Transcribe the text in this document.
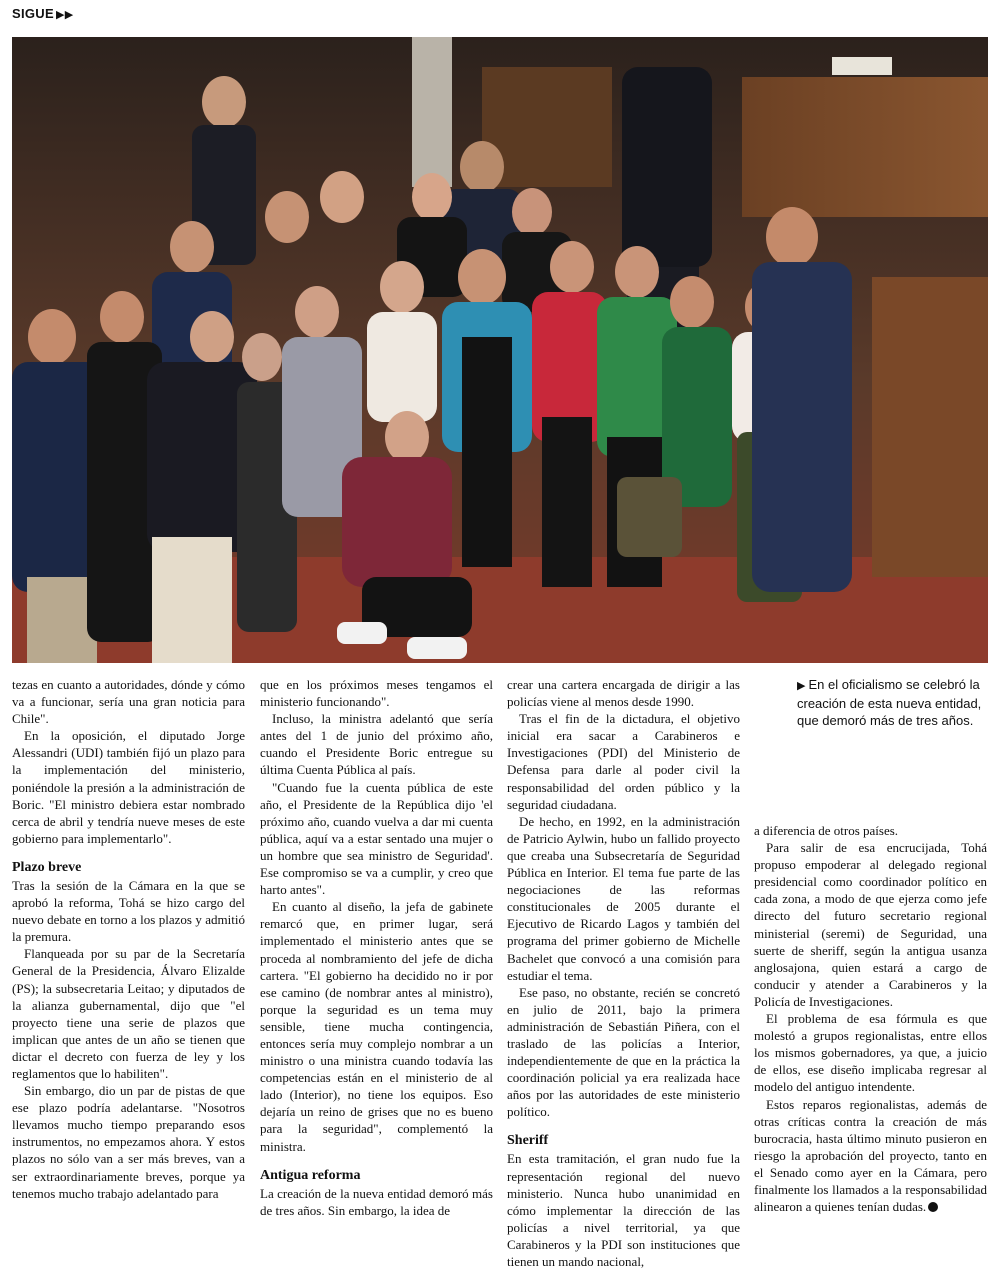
SIGUE ▶▶
▶ En el oficialismo se celebró la creación de esta nueva entidad, que demoró más de tres años.

tezas en cuanto a autoridades, dónde y cómo va a funcionar, sería una gran noticia para Chile".

En la oposición, el diputado Jorge Alessandri (UDI) también fijó un plazo para la implementación del ministerio, poniéndole la presión a la administración de Boric. "El ministro debiera estar nombrado cerca de abril y tendría nueve meses de este gobierno para implementarlo".

Plazo breve

Tras la sesión de la Cámara en la que se aprobó la reforma, Tohá se hizo cargo del nuevo debate en torno a los plazos y admitió la premura.

Flanqueada por su par de la Secretaría General de la Presidencia, Álvaro Elizalde (PS); la subsecretaria Leitao; y diputados de la alianza gubernamental, dijo que "el proyecto tiene una serie de plazos que implican que antes de un año se tienen que dictar el decreto con fuerza de ley y los reglamentos que lo habiliten".

Sin embargo, dio un par de pistas de que ese plazo podría adelantarse. "Nosotros llevamos mucho tiempo preparando esos instrumentos, no empezamos ahora. Y estos plazos no sólo van a ser más breves, van a ser extraordinariamente breves, porque ya tenemos mucho trabajo adelantado para

que en los próximos meses tengamos el ministerio funcionando".

Incluso, la ministra adelantó que sería antes del 1 de junio del próximo año, cuando el Presidente Boric entregue su última Cuenta Pública al país.

"Cuando fue la cuenta pública de este año, el Presidente de la República dijo 'el próximo año, cuando vuelva a dar mi cuenta pública, aquí va a estar sentado una mujer o un hombre que sea ministro de Seguridad'. Ese compromiso se va a cumplir, y creo que harto antes".

En cuanto al diseño, la jefa de gabinete remarcó que, en primer lugar, será implementado el ministerio antes que se proceda al nombramiento del jefe de dicha cartera. "El gobierno ha decidido no ir por ese camino (de nombrar antes al ministro), porque la seguridad es un tema muy sensible, tiene mucha contingencia, entonces sería muy complejo nombrar a un ministro o una ministra cuando todavía las competencias están en el ministerio de al lado (Interior), no tiene los equipos. Eso dejaría un reino de grises que no es bueno para la seguridad", complementó la ministra.

Antigua reforma

La creación de la nueva entidad demoró más de tres años. Sin embargo, la idea de

crear una cartera encargada de dirigir a las policías viene al menos desde 1990.

Tras el fin de la dictadura, el objetivo inicial era sacar a Carabineros e Investigaciones (PDI) del Ministerio de Defensa para darle al poder civil la responsabilidad del orden público y la seguridad ciudadana.

De hecho, en 1992, en la administración de Patricio Aylwin, hubo un fallido proyecto que creaba una Subsecretaría de Seguridad Pública en Interior. El tema fue parte de las negociaciones de las reformas constitucionales de 2005 durante el Ejecutivo de Ricardo Lagos y también del programa del primer gobierno de Michelle Bachelet que convocó a una comisión para estudiar el tema.

Ese paso, no obstante, recién se concretó en julio de 2011, bajo la primera administración de Sebastián Piñera, con el traslado de las policías a Interior, independientemente de que en la práctica la coordinación policial ya era realizada hace años por las autoridades de este ministerio político.

Sheriff

En esta tramitación, el gran nudo fue la representación regional del nuevo ministerio. Nunca hubo unanimidad en cómo implementar la dirección de las policías a nivel territorial, ya que Carabineros y la PDI son instituciones que tienen un mando nacional,

a diferencia de otros países.

Para salir de esa encrucijada, Tohá propuso empoderar al delegado regional presidencial como coordinador político en cada zona, a modo de que ejerza como jefe directo del futuro secretario regional ministerial (seremi) de Seguridad, una suerte de sheriff, según la antigua usanza anglosajona, quien estará a cargo de conducir y atender a Carabineros y la Policía de Investigaciones.

El problema de esa fórmula es que molestó a grupos regionalistas, entre ellos los mismos gobernadores, ya que, a juicio de ellos, ese diseño implicaba regresar al modelo del antiguo intendente.

Estos reparos regionalistas, además de otras críticas contra la creación de más burocracia, hasta último minuto pusieron en riesgo la aprobación del proyecto, tanto en el Senado como ayer en la Cámara, pero finalmente los llamados a la responsabilidad alinearon a quienes tenían dudas.
